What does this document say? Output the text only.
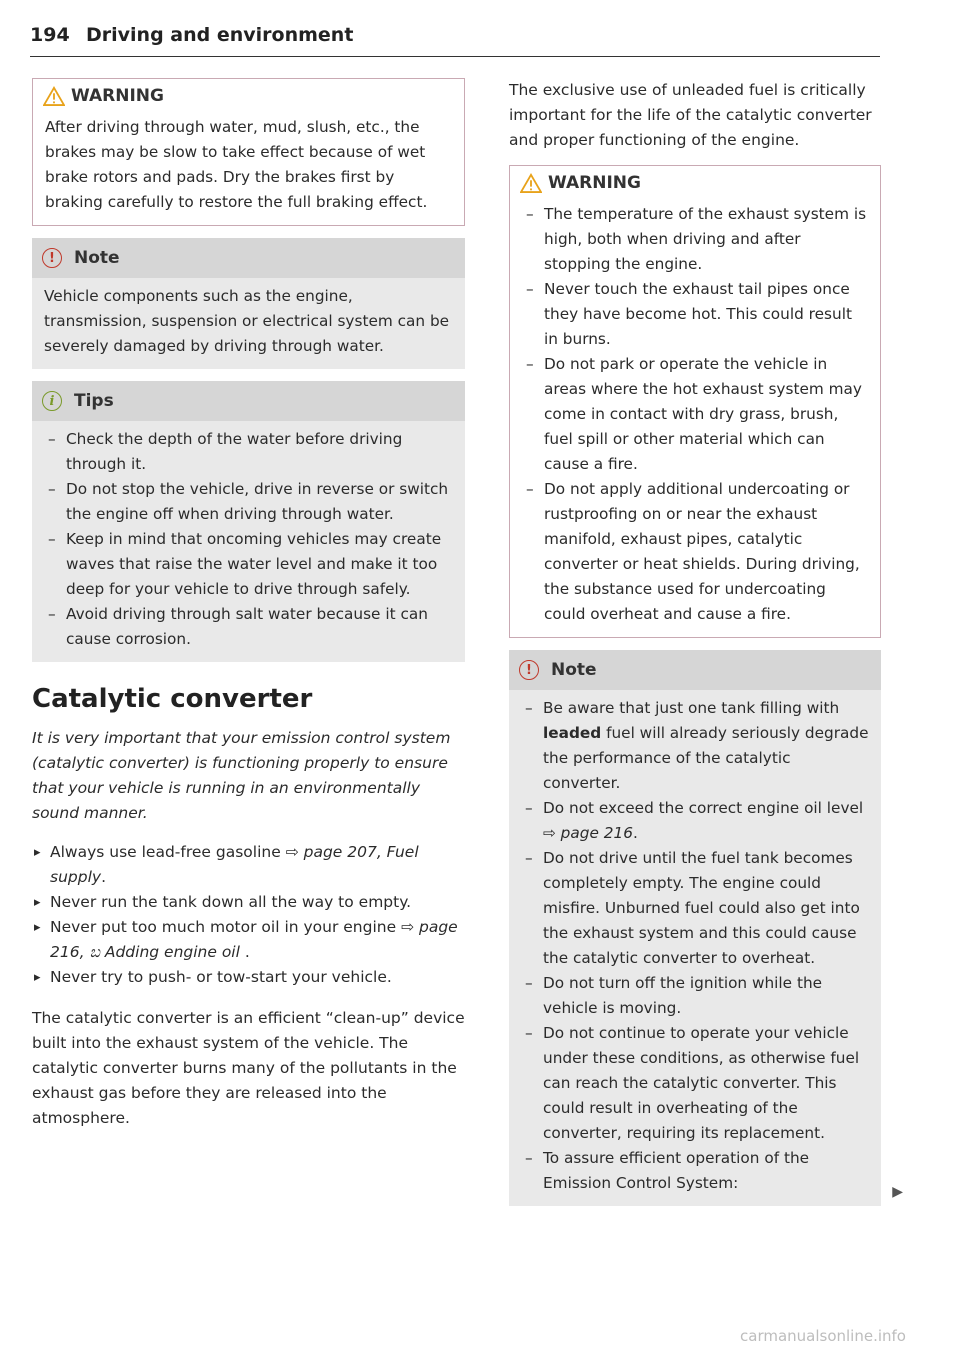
194 Driving and environment
WARNING
After driving through water, mud, slush, etc., the brakes may be slow to take effect because of wet brake rotors and pads. Dry the brakes first by braking carefully to restore the full braking effect.
!	Note
Vehicle components such as the engine, transmission, suspension or electrical system can be severely damaged by driving through water.
i	Tips
– Check the depth of the water before driving through it.
– Do not stop the vehicle, drive in reverse or switch the engine off when driving through water.
– Keep in mind that oncoming vehicles may create waves that raise the water level and make it too deep for your vehicle to drive through safely.
– Avoid driving through salt water because it can cause corrosion.
Catalytic converter

It is very important that your emission control system (catalytic converter) is functioning properly to ensure that your vehicle is running in an environmentally sound manner.

▸ Always use lead-free gasoline ⇨ page 207, Fuel supply.
▸ Never run the tank down all the way to empty.
▸ Never put too much motor oil in your engine ⇨ page 216, ಬ Adding engine oil .
▸ Never try to push- or tow-start your vehicle.

The catalytic converter is an efficient “clean-up” device built into the exhaust system of the vehicle. The catalytic converter burns many of the pollutants in the exhaust gas before they are released into the atmosphere.

The exclusive use of unleaded fuel is critically important for the life of the catalytic converter and proper functioning of the engine.

WARNING
– The temperature of the exhaust system is high, both when driving and after stopping the engine.
– Never touch the exhaust tail pipes once they have become hot. This could result in burns.
– Do not park or operate the vehicle in areas where the hot exhaust system may come in contact with dry grass, brush, fuel spill or other material which can cause a fire.
– Do not apply additional undercoating or rustproofing on or near the exhaust manifold, exhaust pipes, catalytic converter or heat shields. During driving, the substance used for undercoating could overheat and cause a fire.
!	Note
– Be aware that just one tank filling with leaded fuel will already seriously degrade the performance of the catalytic converter.
– Do not exceed the correct engine oil level ⇨ page 216.
– Do not drive until the fuel tank becomes completely empty. The engine could misfire. Unburned fuel could also get into the exhaust system and this could cause the catalytic converter to overheat.
– Do not turn off the ignition while the vehicle is moving.
– Do not continue to operate your vehicle under these conditions, as otherwise fuel can reach the catalytic converter. This could result in overheating of the converter, requiring its replacement.
– To assure efficient operation of the Emission Control System:	▶
carmanualsonline.info
